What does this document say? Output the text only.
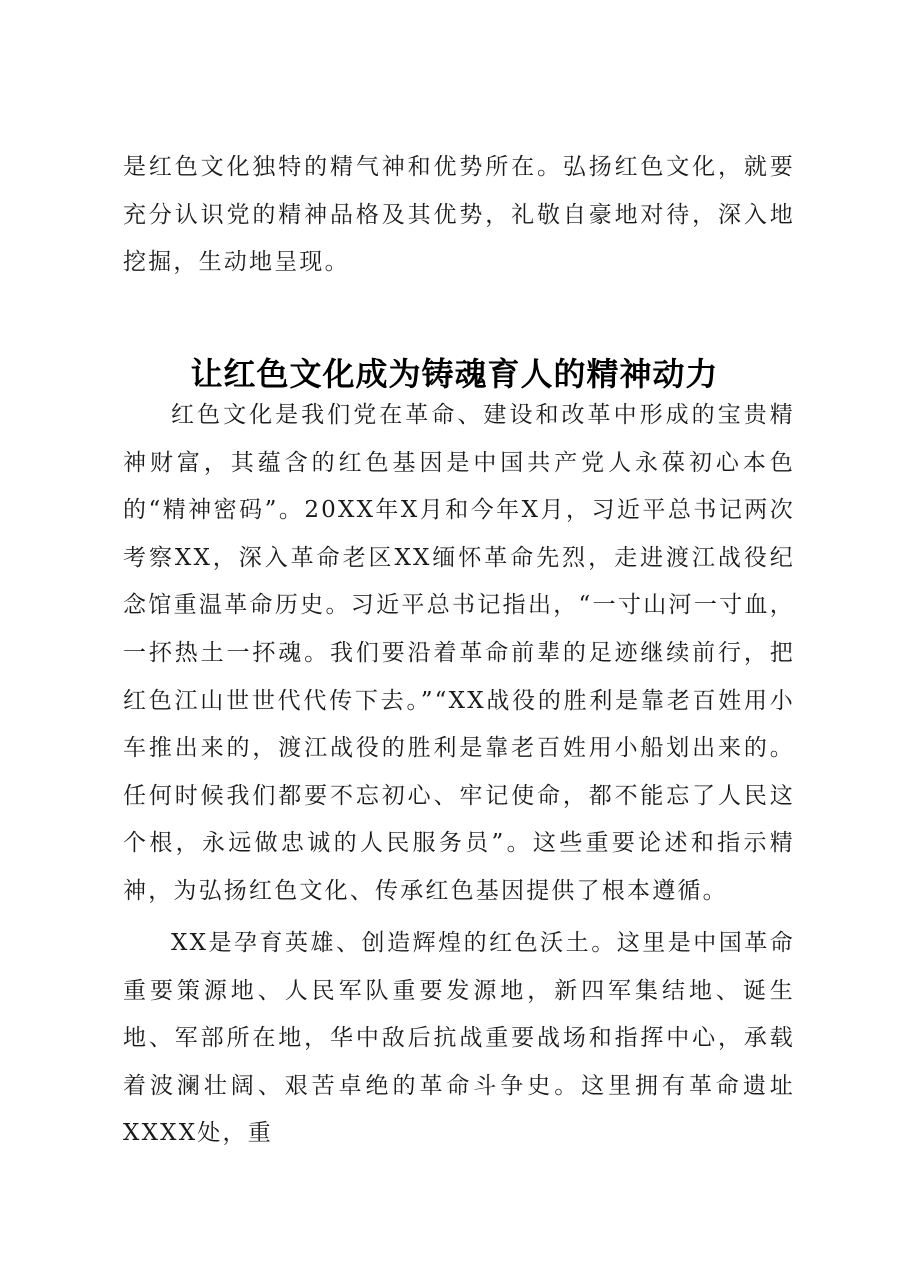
是红色文化独特的精气神和优势所在。弘扬红色文化，就要充分认识党的精神品格及其优势，礼敬自豪地对待，深入地挖掘，生动地呈现。

让红色文化成为铸魂育人的精神动力

红色文化是我们党在革命、建设和改革中形成的宝贵精神财富，其蕴含的红色基因是中国共产党人永葆初心本色的“精神密码”。20XX年X月和今年X月，习近平总书记两次考察XX，深入革命老区XX缅怀革命先烈，走进渡江战役纪念馆重温革命历史。习近平总书记指出，“一寸山河一寸血，一抔热土一抔魂。我们要沿着革命前辈的足迹继续前行，把红色江山世世代代传下去。”“XX战役的胜利是靠老百姓用小车推出来的，渡江战役的胜利是靠老百姓用小船划出来的。任何时候我们都要不忘初心、牢记使命，都不能忘了人民这个根，永远做忠诚的人民服务员”。这些重要论述和指示精神，为弘扬红色文化、传承红色基因提供了根本遵循。

XX是孕育英雄、创造辉煌的红色沃土。这里是中国革命重要策源地、人民军队重要发源地，新四军集结地、诞生地、军部所在地，华中敌后抗战重要战场和指挥中心，承载着波澜壮阔、艰苦卓绝的革命斗争史。这里拥有革命遗址XXXX处，重
